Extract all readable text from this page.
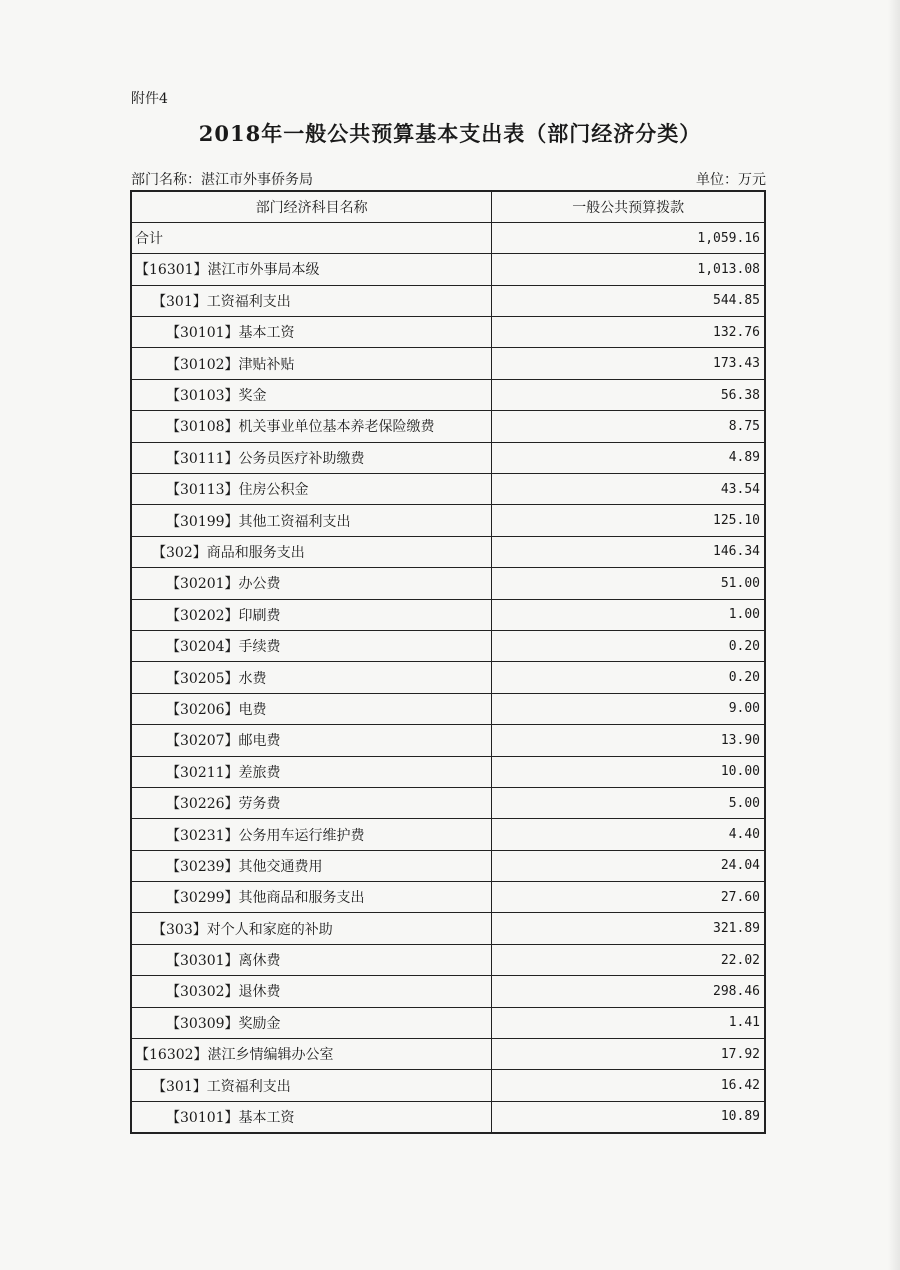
附件4
2018年一般公共预算基本支出表（部门经济分类）
部门名称：湛江市外事侨务局	单位：万元
部门经济科目名称	一般公共预算拨款
合计	1,059.16
【16301】湛江市外事局本级	1,013.08
【301】工资福利支出	544.85
【30101】基本工资	132.76
【30102】津贴补贴	173.43
【30103】奖金	56.38
【30108】机关事业单位基本养老保险缴费	8.75
【30111】公务员医疗补助缴费	4.89
【30113】住房公积金	43.54
【30199】其他工资福利支出	125.10
【302】商品和服务支出	146.34
【30201】办公费	51.00
【30202】印刷费	1.00
【30204】手续费	0.20
【30205】水费	0.20
【30206】电费	9.00
【30207】邮电费	13.90
【30211】差旅费	10.00
【30226】劳务费	5.00
【30231】公务用车运行维护费	4.40
【30239】其他交通费用	24.04
【30299】其他商品和服务支出	27.60
【303】对个人和家庭的补助	321.89
【30301】离休费	22.02
【30302】退休费	298.46
【30309】奖励金	1.41
【16302】湛江乡情编辑办公室	17.92
【301】工资福利支出	16.42
【30101】基本工资	10.89
